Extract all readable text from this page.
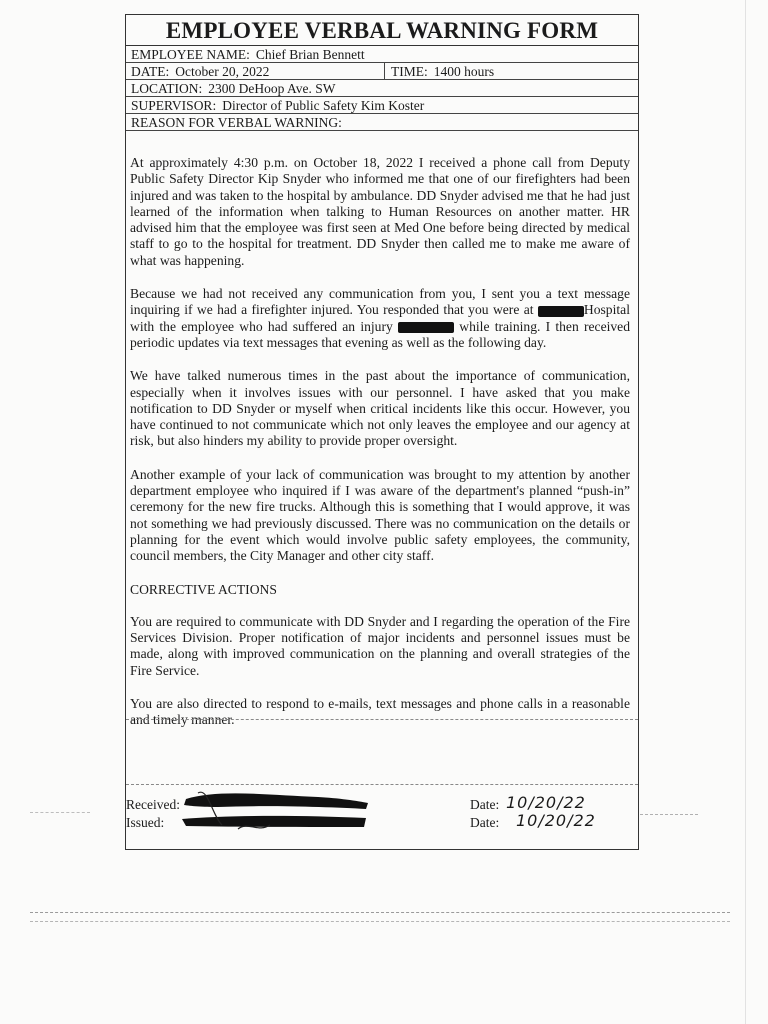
EMPLOYEE VERBAL WARNING FORM
EMPLOYEE NAME: Chief Brian Bennett
DATE: October 20, 2022	TIME: 1400 hours
LOCATION: 2300 DeHoop Ave. SW
SUPERVISOR: Director of Public Safety Kim Koster
REASON FOR VERBAL WARNING:

At approximately 4:30 p.m. on October 18, 2022 I received a phone call from Deputy Public Safety Director Kip Snyder who informed me that one of our firefighters had been injured and was taken to the hospital by ambulance. DD Snyder advised me that he had just learned of the information when talking to Human Resources on another matter. HR advised him that the employee was first seen at Med One before being directed by medical staff to go to the hospital for treatment. DD Snyder then called me to make me aware of what was happening.

Because we had not received any communication from you, I sent you a text message inquiring if we had a firefighter injured. You responded that you were at	Hospital with the employee who had suffered an injury	while training. I then received periodic updates via text messages that evening as well as the following day.

We have talked numerous times in the past about the importance of communication, especially when it involves issues with our personnel. I have asked that you make notification to DD Snyder or myself when critical incidents like this occur. However, you have continued to not communicate which not only leaves the employee and our agency at risk, but also hinders my ability to provide proper oversight.

Another example of your lack of communication was brought to my attention by another department employee who inquired if I was aware of the department's planned “push-in” ceremony for the new fire trucks. Although this is something that I would approve, it was not something we had previously discussed. There was no communication on the details or planning for the event which would involve public safety employees, the community, council members, the City Manager and other city staff.

CORRECTIVE ACTIONS

You are required to communicate with DD Snyder and I regarding the operation of the Fire Services Division. Proper notification of major incidents and personnel issues must be made, along with improved communication on the planning and overall strategies of the Fire Service.

You are also directed to respond to e-mails, text messages and phone calls in a reasonable and timely manner.

Received:	Date: 10/20/22
Issued:	Date: 10/20/22
